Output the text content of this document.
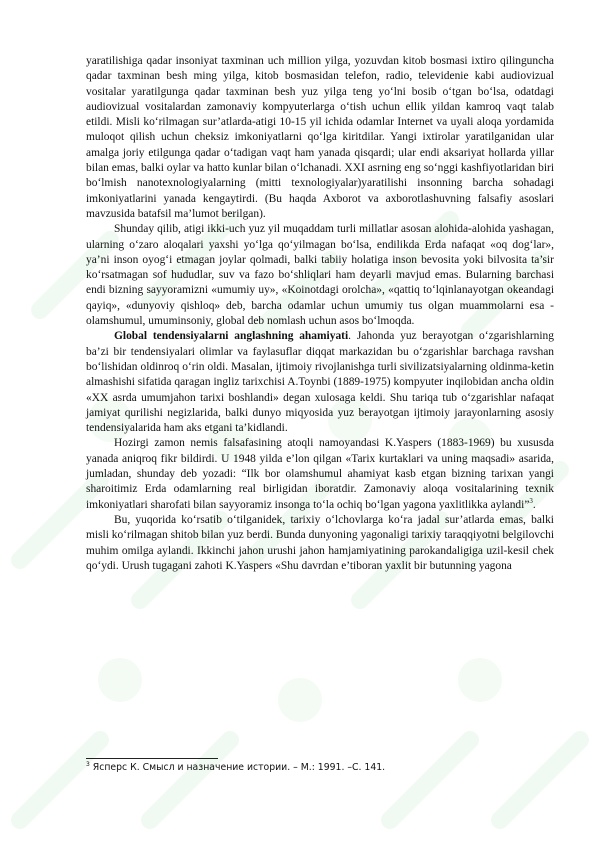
yaratilishiga qadar insoniyat taxminan uch million yilga, yozuvdan kitob bosmasi ixtiro qilinguncha qadar taxminan besh ming yilga, kitob bosmasidan telefon, radio, televidenie kabi audiovizual vositalar yaratilgunga qadar taxminan besh yuz yilga teng yo‘lni bosib o‘tgan bo‘lsa, odatdagi audiovizual vositalardan zamonaviy kompyuterlarga o‘tish uchun ellik yildan kamroq vaqt talab etildi. Misli ko‘rilmagan sur’atlarda-atigi 10-15 yil ichida odamlar Internet va uyali aloqa yordamida muloqot qilish uchun cheksiz imkoniyatlarni qo‘lga kiritdilar. Yangi ixtirolar yaratilganidan ular amalga joriy etilgunga qadar o‘tadigan vaqt ham yanada qisqardi; ular endi aksariyat hollarda yillar bilan emas, balki oylar va hatto kunlar bilan o‘lchanadi. XXI asrning eng so‘nggi kashfiyotlaridan biri bo‘lmish nanotexnologiyalarning (mitti texnologiyalar)yaratilishi insonning barcha sohadagi imkoniyatlarini yanada kengaytirdi. (Bu haqda Axborot va axborotlashuvning falsafiy asoslari mavzusida batafsil ma’lumot berilgan).

Shunday qilib, atigi ikki-uch yuz yil muqaddam turli millatlar asosan alohida-alohida yashagan, ularning o‘zaro aloqalari yaxshi yo‘lga qo‘yilmagan bo‘lsa, endilikda Erda nafaqat «oq dog‘lar», ya’ni inson oyog‘i etmagan joylar qolmadi, balki tabiiy holatiga inson bevosita yoki bilvosita ta’sir ko‘rsatmagan sof hududlar, suv va fazo bo‘shliqlari ham deyarli mavjud emas. Bularning barchasi endi bizning sayyoramizni «umumiy uy», «Koinotdagi orolcha», «qattiq to‘lqinlanayotgan okeandagi qayiq», «dunyoviy qishloq» deb, barcha odamlar uchun umumiy tus olgan muammolarni esa - olamshumul, umuminsoniy, global deb nomlash uchun asos bo‘lmoqda.

Global tendensiyalarni anglashning ahamiyati. Jahonda yuz berayotgan o‘zgarishlarning ba’zi bir tendensiyalari olimlar va faylasuflar diqqat markazidan bu o‘zgarishlar barchaga ravshan bo‘lishidan oldinroq o‘rin oldi. Masalan, ijtimoiy rivojlanishga turli sivilizatsiyalarning oldinma-ketin almashishi sifatida qaragan ingliz tarixchisi A.Toynbi (1889-1975) kompyuter inqilobidan ancha oldin «XX asrda umumjahon tarixi boshlandi» degan xulosaga keldi. Shu tariqa tub o‘zgarishlar nafaqat jamiyat qurilishi negizlarida, balki dunyo miqyosida yuz berayotgan ijtimoiy jarayonlarning asosiy tendensiyalarida ham aks etgani ta’kidlandi.

Hozirgi zamon nemis falsafasining atoqli namoyandasi K.Yaspers (1883-1969) bu xususda yanada aniqroq fikr bildirdi. U 1948 yilda e’lon qilgan «Tarix kurtaklari va uning maqsadi» asarida, jumladan, shunday deb yozadi: “Ilk bor olamshumul ahamiyat kasb etgan bizning tarixan yangi sharoitimiz Erda odamlarning real birligidan iboratdir. Zamonaviy aloqa vositalarining texnik imkoniyatlari sharofati bilan sayyoramiz insonga to‘la ochiq bo‘lgan yagona yaxlitlikka aylandi”$^3$.

Bu, yuqorida ko‘rsatib o‘tilganidek, tarixiy o‘lchovlarga ko‘ra jadal sur’atlarda emas, balki misli ko‘rilmagan shitob bilan yuz berdi. Bunda dunyoning yagonaligi tarixiy taraqqiyotni belgilovchi muhim omilga aylandi. Ikkinchi jahon urushi jahon hamjamiyatining parokandaligiga uzil-kesil chek qo‘ydi. Urush tugagani zahoti K.Yaspers «Shu davrdan e’tiboran yaxlit bir butunning yagona

$^3$ Ясперс К. Смысл и назначение истории. – М.: 1991. –С. 141.
